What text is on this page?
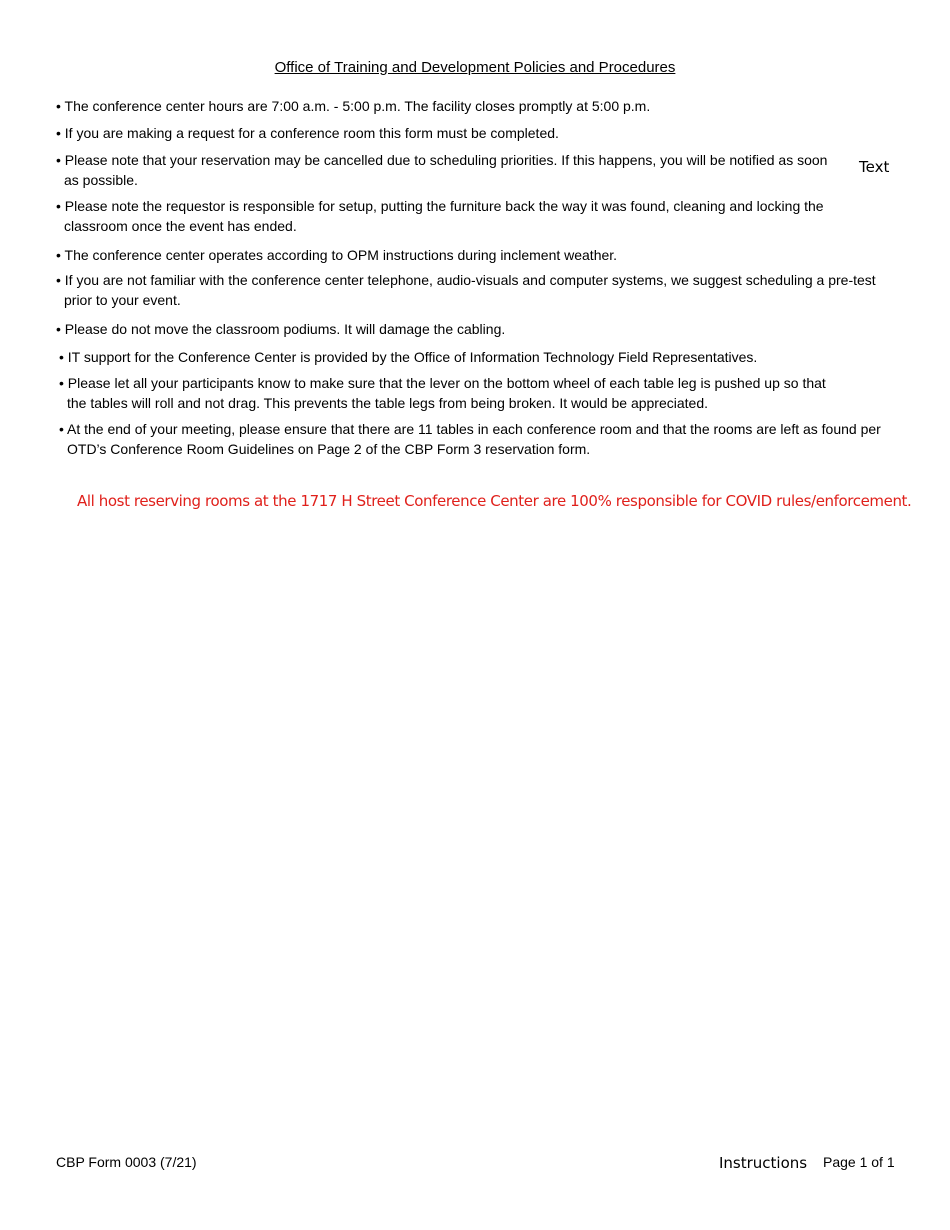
Office of Training and Development Policies and Procedures
Text
• The conference center hours are 7:00 a.m. - 5:00 p.m. The facility closes promptly at 5:00 p.m.
• If you are making a request for a conference room this form must be completed.
• Please note that your reservation may be cancelled due to scheduling priorities. If this happens, you will be notified as soon as possible.
• Please note the requestor is responsible for setup, putting the furniture back the way it was found, cleaning and locking the classroom once the event has ended.
• The conference center operates according to OPM instructions during inclement weather.
• If you are not familiar with the conference center telephone, audio-visuals and computer systems, we suggest scheduling a pre-test prior to your event.
• Please do not move the classroom podiums. It will damage the cabling.
• IT support for the Conference Center is provided by the Office of Information Technology Field Representatives.
• Please let all your participants know to make sure that the lever on the bottom wheel of each table leg is pushed up so that the tables will roll and not drag. This prevents the table legs from being broken. It would be appreciated.
• At the end of your meeting, please ensure that there are 11 tables in each conference room and that the rooms are left as found per OTD’s Conference Room Guidelines on Page 2 of the CBP Form 3 reservation form.
All host reserving rooms at the 1717 H Street Conference Center are 100% responsible for COVID rules/enforcement.
CBP Form 0003 (7/21)	Instructions Page 1 of 1
